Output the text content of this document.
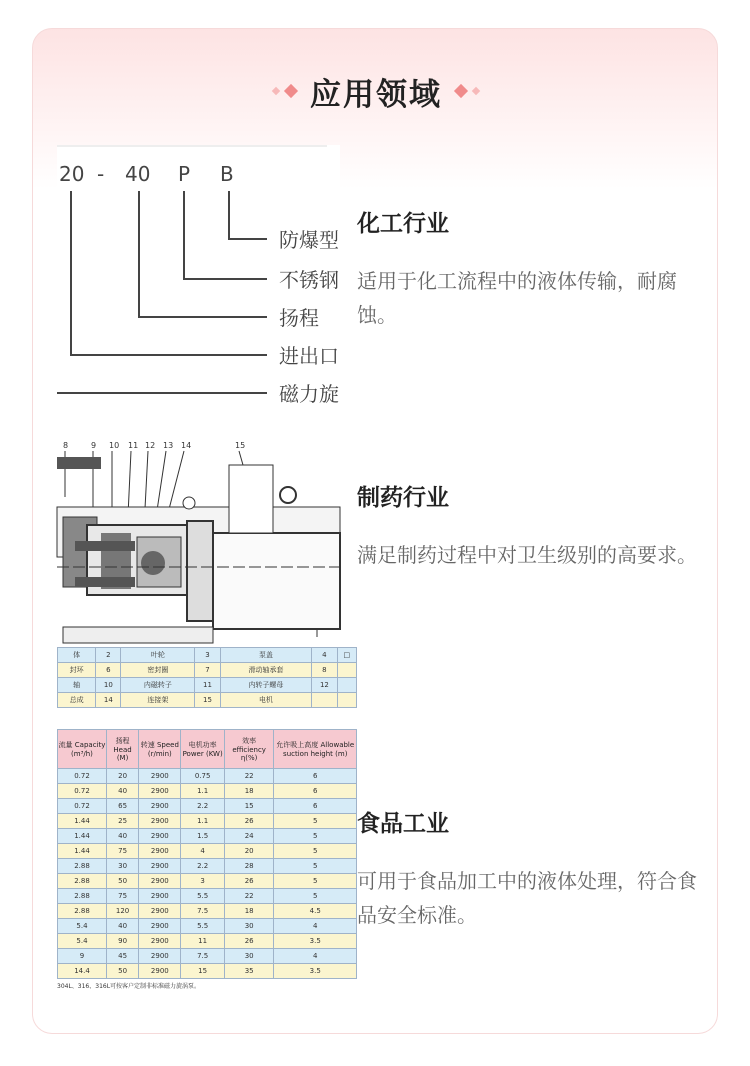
应用领域
20 - 40 P B
防爆型
不锈钢
扬程
进出口
磁力旋
8	9 10 11 12 13 14	15
体	2	叶轮	3	泵盖	4	□
封环	6	密封圈	7	滑动轴承套	8	
轴	10	内磁转子	11	内转子螺母	12	
总成	14	连接架	15	电机		
流量 Capacity (m³/h)	扬程 Head (M)	转速 Speed (r/min)	电机功率 Power (KW)	效率 efficiency η(%)	允许吸上高度 Allowable suction height (m)
0.72	20	2900	0.75	22	6
0.72	40	2900	1.1	18	6
0.72	65	2900	2.2	15	6
1.44	25	2900	1.1	26	5
1.44	40	2900	1.5	24	5
1.44	75	2900	4	20	5
2.88	30	2900	2.2	28	5
2.88	50	2900	3	26	5
2.88	75	2900	5.5	22	5
2.88	120	2900	7.5	18	4.5
5.4	40	2900	5.5	30	4
5.4	90	2900	11	26	3.5
9	45	2900	7.5	30	4
14.4	50	2900	15	35	3.5
304L、316、316L可按客户定制非标准磁力旋涡泵。
化工行业

适用于化工流程中的液体传输，耐腐蚀。

制药行业

满足制药过程中对卫生级别的高要求。

食品工业

可用于食品加工中的液体处理，符合食品安全标准。
